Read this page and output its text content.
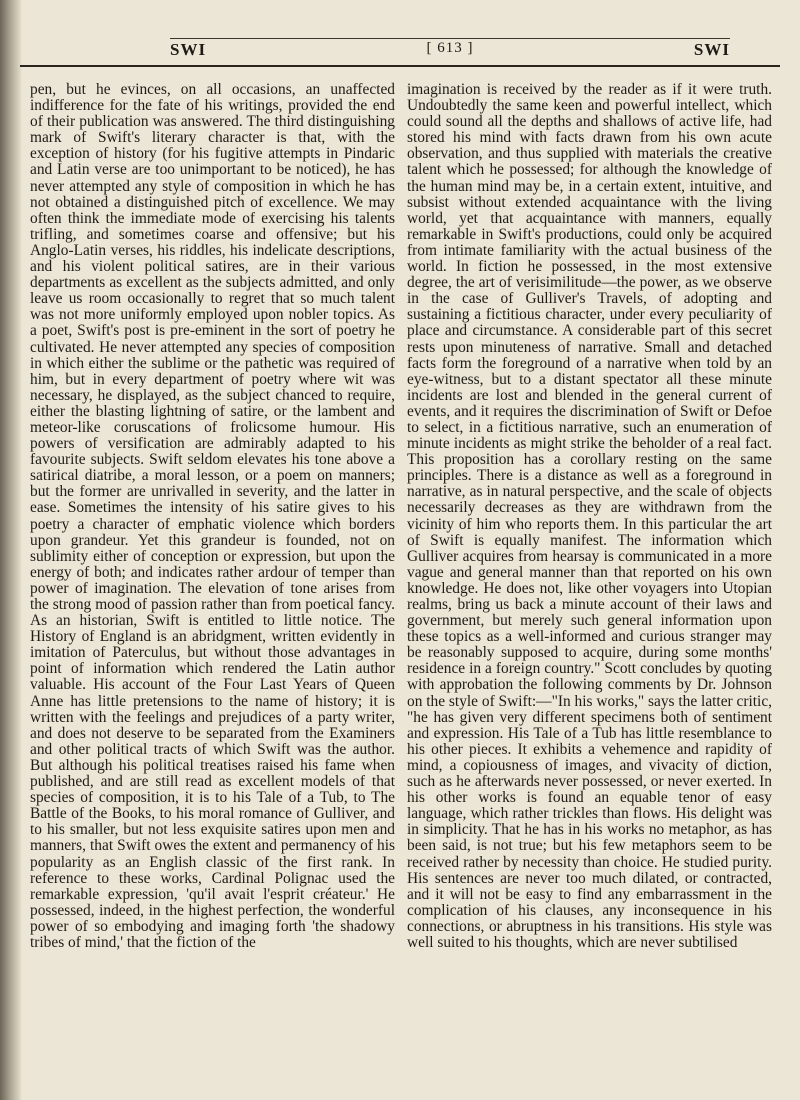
SWI	[ 613 ]	SWI

pen, but he evinces, on all occasions, an unaffected indifference for the fate of his writings, provided the end of their publication was answered. The third distinguishing mark of Swift's literary character is that, with the exception of history (for his fugitive attempts in Pindaric and Latin verse are too unimportant to be noticed), he has never attempted any style of composition in which he has not obtained a distinguished pitch of excellence. We may often think the immediate mode of exercising his talents trifling, and sometimes coarse and offensive; but his Anglo-Latin verses, his riddles, his indelicate descriptions, and his violent political satires, are in their various departments as excellent as the subjects admitted, and only leave us room occasionally to regret that so much talent was not more uniformly employed upon nobler topics. As a poet, Swift's post is pre-eminent in the sort of poetry he cultivated. He never attempted any species of composition in which either the sublime or the pathetic was required of him, but in every department of poetry where wit was necessary, he displayed, as the subject chanced to require, either the blasting lightning of satire, or the lambent and meteor-like coruscations of frolicsome humour. His powers of versification are admirably adapted to his favourite subjects. Swift seldom elevates his tone above a satirical diatribe, a moral lesson, or a poem on manners; but the former are unrivalled in severity, and the latter in ease. Sometimes the intensity of his satire gives to his poetry a character of emphatic violence which borders upon grandeur. Yet this grandeur is founded, not on sublimity either of conception or expression, but upon the energy of both; and indicates rather ardour of temper than power of imagination. The elevation of tone arises from the strong mood of passion rather than from poetical fancy. As an historian, Swift is entitled to little notice. The History of England is an abridgment, written evidently in imitation of Paterculus, but without those advantages in point of information which rendered the Latin author valuable. His account of the Four Last Years of Queen Anne has little pretensions to the name of history; it is written with the feelings and prejudices of a party writer, and does not deserve to be separated from the Examiners and other political tracts of which Swift was the author. But although his political treatises raised his fame when published, and are still read as excellent models of that species of composition, it is to his Tale of a Tub, to The Battle of the Books, to his moral romance of Gulliver, and to his smaller, but not less exquisite satires upon men and manners, that Swift owes the extent and permanency of his popularity as an English classic of the first rank. In reference to these works, Cardinal Polignac used the remarkable expression, 'qu'il avait l'esprit créateur.' He possessed, indeed, in the highest perfection, the wonderful power of so embodying and imaging forth 'the shadowy tribes of mind,' that the fiction of the

imagination is received by the reader as if it were truth. Undoubtedly the same keen and powerful intellect, which could sound all the depths and shallows of active life, had stored his mind with facts drawn from his own acute observation, and thus supplied with materials the creative talent which he possessed; for although the knowledge of the human mind may be, in a certain extent, intuitive, and subsist without extended acquaintance with the living world, yet that acquaintance with manners, equally remarkable in Swift's productions, could only be acquired from intimate familiarity with the actual business of the world. In fiction he possessed, in the most extensive degree, the art of verisimilitude—the power, as we observe in the case of Gulliver's Travels, of adopting and sustaining a fictitious character, under every peculiarity of place and circumstance. A considerable part of this secret rests upon minuteness of narrative. Small and detached facts form the foreground of a narrative when told by an eye-witness, but to a distant spectator all these minute incidents are lost and blended in the general current of events, and it requires the discrimination of Swift or Defoe to select, in a fictitious narrative, such an enumeration of minute incidents as might strike the beholder of a real fact. This proposition has a corollary resting on the same principles. There is a distance as well as a foreground in narrative, as in natural perspective, and the scale of objects necessarily decreases as they are withdrawn from the vicinity of him who reports them. In this particular the art of Swift is equally manifest. The information which Gulliver acquires from hearsay is communicated in a more vague and general manner than that reported on his own knowledge. He does not, like other voyagers into Utopian realms, bring us back a minute account of their laws and government, but merely such general information upon these topics as a well-informed and curious stranger may be reasonably supposed to acquire, during some months' residence in a foreign country." Scott concludes by quoting with approbation the following comments by Dr. Johnson on the style of Swift:—"In his works," says the latter critic, "he has given very different specimens both of sentiment and expression. His Tale of a Tub has little resemblance to his other pieces. It exhibits a vehemence and rapidity of mind, a copiousness of images, and vivacity of diction, such as he afterwards never possessed, or never exerted. In his other works is found an equable tenor of easy language, which rather trickles than flows. His delight was in simplicity. That he has in his works no metaphor, as has been said, is not true; but his few metaphors seem to be received rather by necessity than choice. He studied purity. His sentences are never too much dilated, or contracted, and it will not be easy to find any embarrassment in the complication of his clauses, any inconsequence in his connections, or abruptness in his transitions. His style was well suited to his thoughts, which are never subtilised
